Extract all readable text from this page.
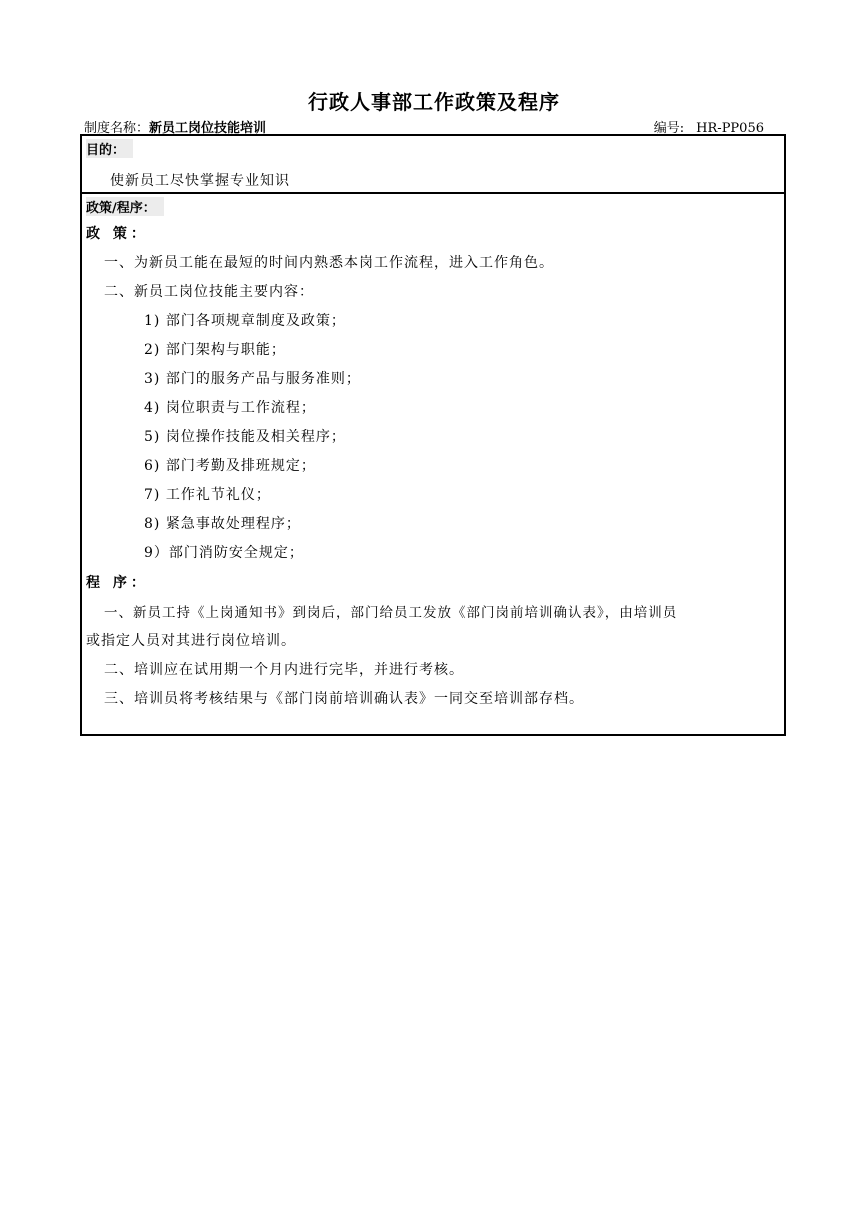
行政人事部工作政策及程序
制度名称：新员工岗位技能培训	编号: HR-PP056
目的：
使新员工尽快掌握专业知识
政策/程序：
政 策：
一、为新员工能在最短的时间内熟悉本岗工作流程，进入工作角色。
二、新员工岗位技能主要内容：
1) 部门各项规章制度及政策；
2) 部门架构与职能；
3) 部门的服务产品与服务准则；
4) 岗位职责与工作流程；
5) 岗位操作技能及相关程序；
6) 部门考勤及排班规定；
7) 工作礼节礼仪；
8) 紧急事故处理程序；
9）部门消防安全规定；
程 序：
一、新员工持《上岗通知书》到岗后，部门给员工发放《部门岗前培训确认表》，由培训员
或指定人员对其进行岗位培训。
二、培训应在试用期一个月内进行完毕，并进行考核。
三、培训员将考核结果与《部门岗前培训确认表》一同交至培训部存档。
